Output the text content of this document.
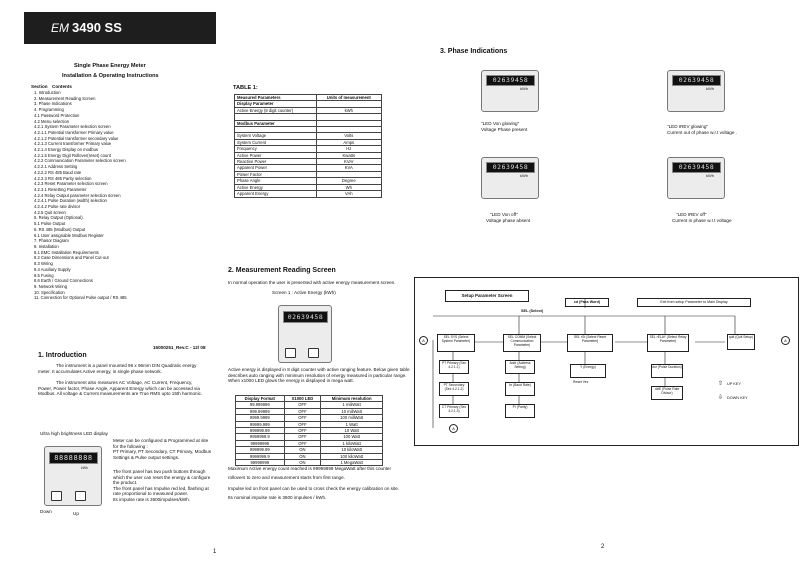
EM 3490 SS
Single Phase Energy Meter
Installation & Operating Instructions
Section Contents
1. Introduction
2. Measurement Reading Screen
3. Phase Indications
4. Programming
4.1 Password Protection
4.2 Menu selection
4.2.1 System Parameter selection screen
4.2.1.1 Potential transformer Primary value
4.2.1.2 Potential transformer secondary value
4.2.1.3 Current transformer Primary value
4.2.1.4 Energy Display on modbus
4.2.1.5 Energy Digit Rollover(reset) count
4.2.2 Communication Parameter selection screen
4.2.2.1 Address Setting
4.2.2.2 RS 485 Baud rate
4.2.2.3 RS 485 Parity selection
4.2.3 Reset Parameter selection screen
4.2.3.1 Resetting Parameter
4.2.4 Relay Output parameter selection screen
4.2.4.1 Pulse Duration (width) selection
4.2.4.2 Pulse rate divisor
4.2.5 Quit screen
5. Relay Output (Optional).
5.1 Pulse Output
6. RS 485 (Modbus) Output
6.1 User assignable Modbus Register
7. Phasor Diagram
8. Installation
8.1 EMC Installation Requirements
8.2 Case Dimensions and Panel Cut-out
8.3 Wiring
8.4 Auxiliary Supply
8.5 Fusing
8.6 Earth / Ground Connections
9. Network Wiring
10. Specification
11. Connection for Optional Pulse output / RS 485
15000251_Rev.C - 12/ 08
1. Introduction
The instrument is a panel mounted 96 x 96mm DIN Quadratic energy
meter. It accumulates Active energy, in single phase network.
The instrument also measures AC Voltage, AC Current, Frequency,
Power, Power factor, Phase Angle, Apparent Energy which can be accessed via
Modbus. All voltage & Current measurements are True RMS upto 15th harmonic.
Ultra high brightness LED display
88888888
kWh
Down	Up
Meter can be configured & Programmed at site
for the following :
PT Primary, PT Secondary, CT Primary, Modbus
Settings & Pulse output settings.
The front panel has two push buttons through
which the user can reset the energy & configure
the product.
The front panel has Impulse red led, flashing at
rate proportional to measured power.
Its impulse rate is 3600impulses/kWh.
1
TABLE 1:
Measured Parameters	Units of measurement
Display Parameter	
Active Energy (8 digit counter)	kWh

Modbus Parameter	

System Voltage	Volts
System Current	Amps
Frequency	Hz
Active Power	Kwatts
Reactive Power	KVAr
Apparent Power	KVA
Power Factor	
Phase Angle	Degree
Active Energy	Wh
Apparent Energy	VAh
2. Measurement Reading Screen
In normal operation the user is presented with active energy measurement screen.
Screen 1 : Active Energy (kWh)
02639458
Active energy is displayed in 8 digit counter with active ranging feature. Below given table
describes auto ranging with minimum resolution of energy measured in particular range.
When x1000 LED glows the energy is displayed in mega watt.
Display Format	X1000 LED	Minimum resolution
99.999999	OFF	1 miliWatt
999.99999	OFF	10 miliWatt
9999.9999	OFF	100 miliWatt
99999.999	OFF	1 Watt
999999.99	OFF	10 Watt
9999999.9	OFF	100 Watt
99999999	OFF	1 kiloWatt
999999.99	ON	10 kiloWatt
9999999.9	ON	100 kiloWatt
99999999	ON	1 MegaWatt
Maximum Active energy count reached is 99999999 MegaWatt after this counter
rollovers to zero and measurement starts from first range.
Impulse led on front panel can be used to cross check the energy calibration on site.
Its nominal impulse rate is 3600 impulses / kWh.
3. Phase Indications
02639458
kWh
"LED Von glowing"
Voltage Phase present
02639458
kWh
"LED IREV glowing"
Current out of phase w.r.t voltage .
02639458
kWh
"LED Von off"
Voltage phase absent
02639458
kWh
"LED IREV off"
Current in phase w.r.t voltage
Setup Parameter Screen
cd (Pass Word)	Exit from setup Parameter to Main Display
SEL (Select)
A	A
A
SEL SYS (Select System Parameter)
PT Primary (Sec 4.2.1.1)
PT Secondary (Sec 4.2.1.2)
CT Primary (Sec 4.2.1.3)
SEL COMM (Select Communication Parameter)
Addr (Address Setting)
br (Baud Rate)
Pr (Parity)
SEL rSt (Select Reset Parameter)
Y (Energy)
Reset Yes
SEL rELAY (Select Relay Parameter)
dur (Pulse Duration)
rAtE (Pulse Rate Divisor)
quit (Quit Setup)
⇧ UP KEY
⇩ DOWN KEY
2
